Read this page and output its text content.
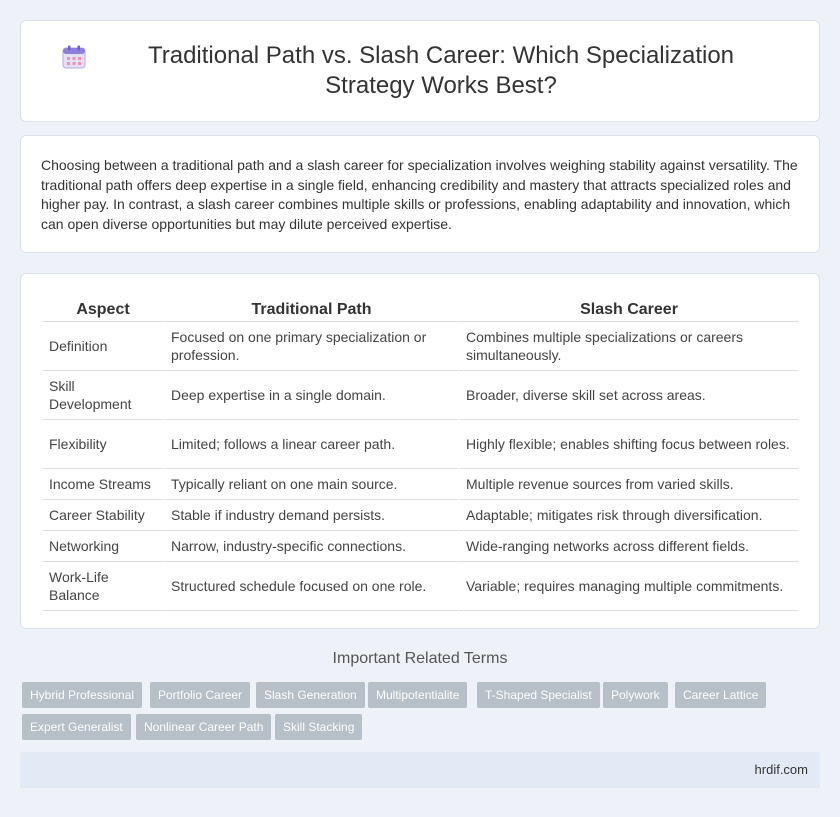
Traditional Path vs. Slash Career: Which Specialization Strategy Works Best?

Choosing between a traditional path and a slash career for specialization involves weighing stability against versatility. The traditional path offers deep expertise in a single field, enhancing credibility and mastery that attracts specialized roles and higher pay. In contrast, a slash career combines multiple skills or professions, enabling adaptability and innovation, which can open diverse opportunities but may dilute perceived expertise.

Aspect	Traditional Path	Slash Career
Definition	Focused on one primary specialization or profession.	Combines multiple specializations or careers simultaneously.
Skill Development	Deep expertise in a single domain.	Broader, diverse skill set across areas.
Flexibility	Limited; follows a linear career path.	Highly flexible; enables shifting focus between roles.
Income Streams	Typically reliant on one main source.	Multiple revenue sources from varied skills.
Career Stability	Stable if industry demand persists.	Adaptable; mitigates risk through diversification.
Networking	Narrow, industry-specific connections.	Wide-ranging networks across different fields.
Work-Life Balance	Structured schedule focused on one role.	Variable; requires managing multiple commitments.
Important Related Terms
Hybrid Professional	Portfolio Career	Slash Generation	Multipotentialite	T-Shaped Specialist	Polywork	Career Lattice
Expert Generalist	Nonlinear Career Path	Skill Stacking
hrdif.com
